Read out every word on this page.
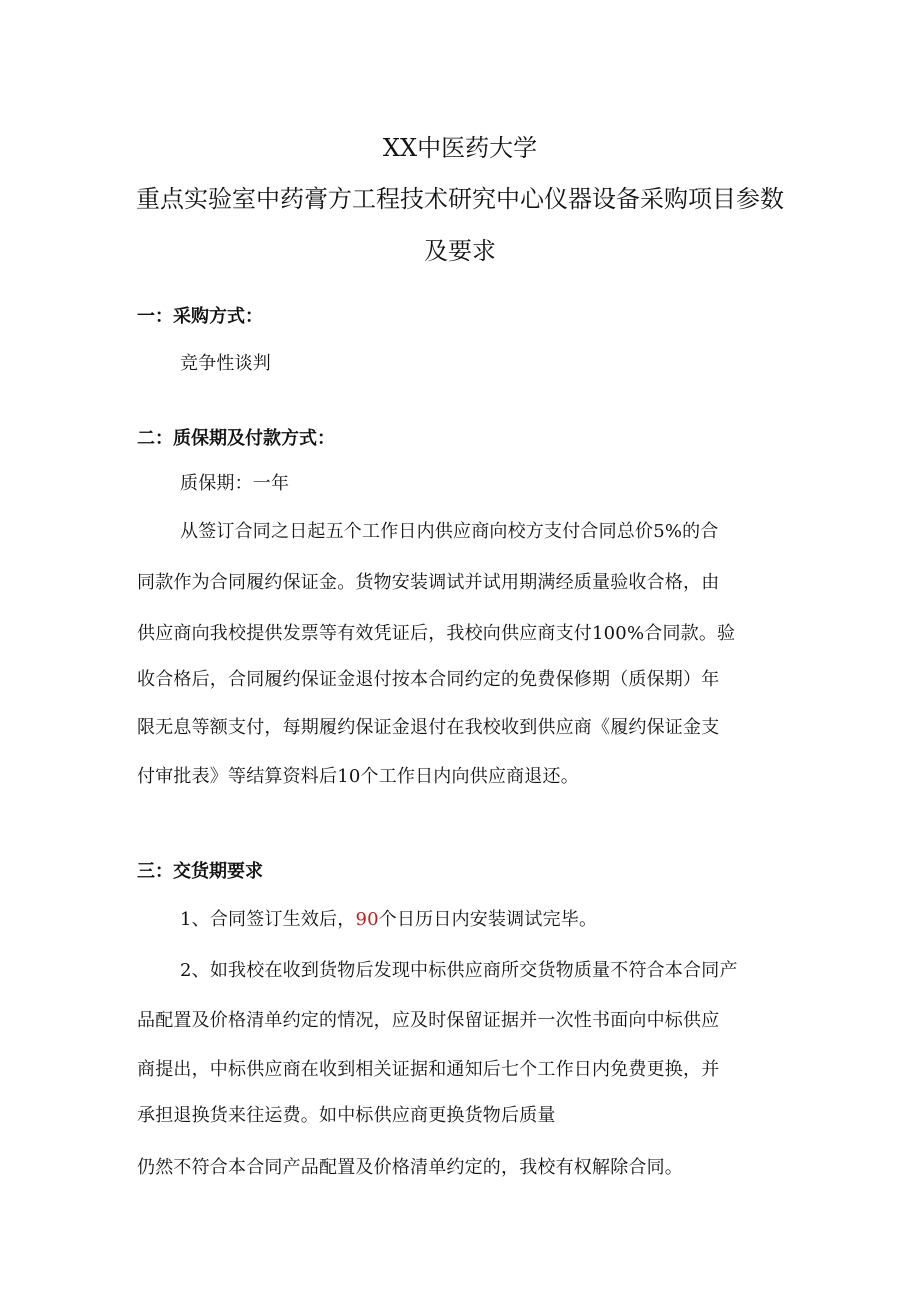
XX中医药大学
重点实验室中药膏方工程技术研究中心仪器设备采购项目参数
及要求
一：采购方式：
竞争性谈判
二：质保期及付款方式：
质保期：一年
从签订合同之日起五个工作日内供应商向校方支付合同总价5%的合
同款作为合同履约保证金。货物安装调试并试用期满经质量验收合格，由
供应商向我校提供发票等有效凭证后，我校向供应商支付100%合同款。验
收合格后，合同履约保证金退付按本合同约定的免费保修期（质保期）年
限无息等额支付，每期履约保证金退付在我校收到供应商《履约保证金支
付审批表》等结算资料后10个工作日内向供应商退还。
三：交货期要求
1、合同签订生效后，90个日历日内安装调试完毕。
2、如我校在收到货物后发现中标供应商所交货物质量不符合本合同产
品配置及价格清单约定的情况，应及时保留证据并一次性书面向中标供应
商提出，中标供应商在收到相关证据和通知后七个工作日内免费更换，并
承担退换货来往运费。如中标供应商更换货物后质量
仍然不符合本合同产品配置及价格清单约定的，我校有权解除合同。
